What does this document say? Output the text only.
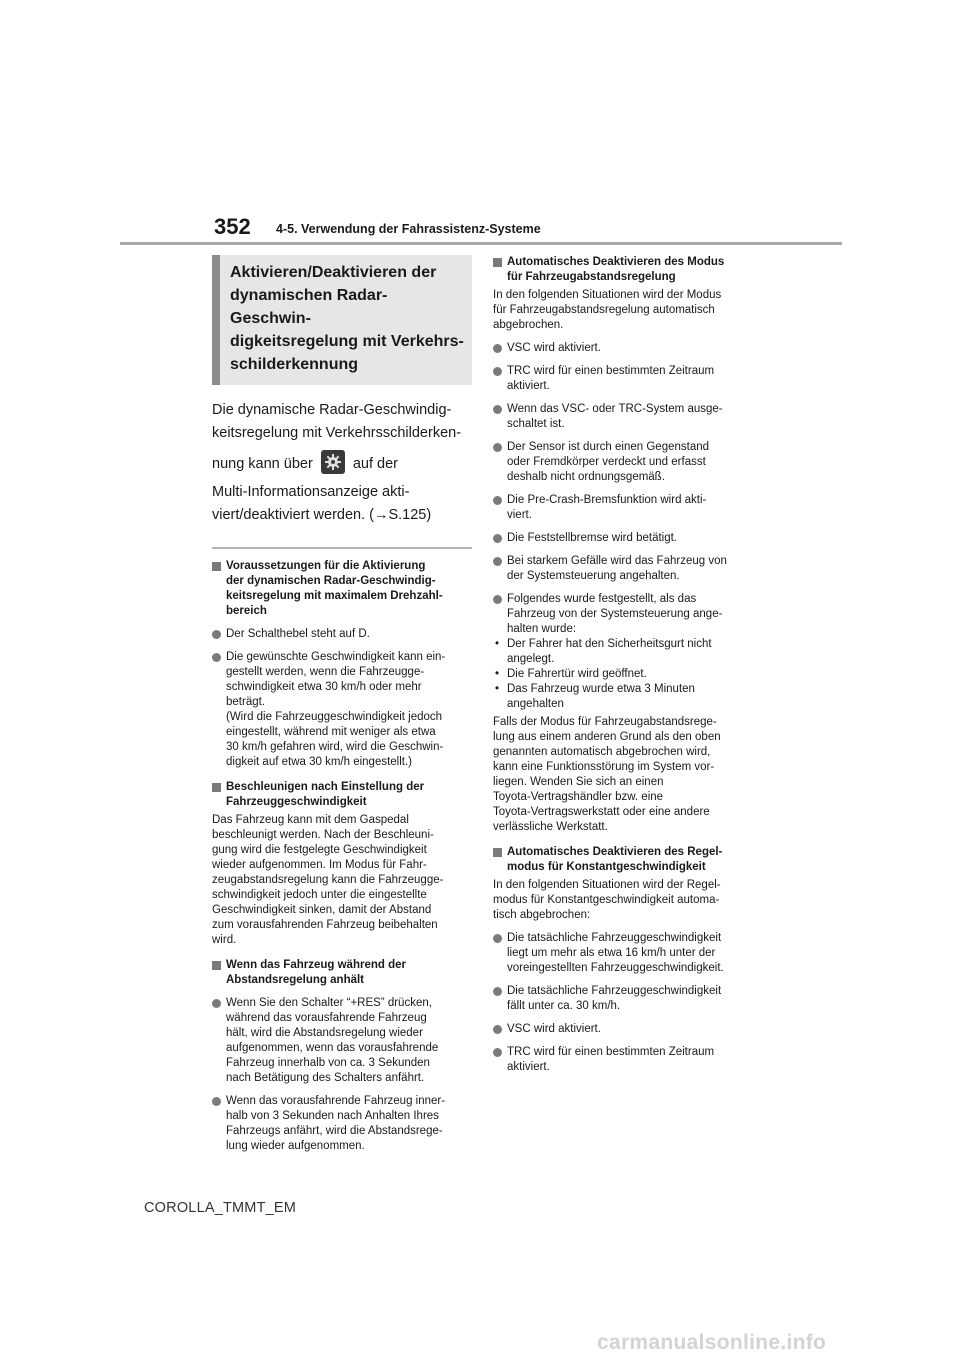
352 4-5. Verwendung der Fahrassistenz-Systeme
Aktivieren/Deaktivieren der
dynamischen Radar-Geschwin-
digkeitsregelung mit Verkehrs-
schilderkennung
Die dynamische Radar-Geschwindig-
keitsregelung mit Verkehrsschilderken-
nung kann über	auf der
Multi-Informationsanzeige akti-
viert/deaktiviert werden. (→S.125)
Voraussetzungen für die Aktivierung
der dynamischen Radar-Geschwindig-
keitsregelung mit maximalem Drehzahl-
bereich
Der Schalthebel steht auf D.
Die gewünschte Geschwindigkeit kann ein-
gestellt werden, wenn die Fahrzeugge-
schwindigkeit etwa 30 km/h oder mehr
beträgt.
(Wird die Fahrzeuggeschwindigkeit jedoch
eingestellt, während mit weniger als etwa
30 km/h gefahren wird, wird die Geschwin-
digkeit auf etwa 30 km/h eingestellt.)
Beschleunigen nach Einstellung der
Fahrzeuggeschwindigkeit
Das Fahrzeug kann mit dem Gaspedal
beschleunigt werden. Nach der Beschleuni-
gung wird die festgelegte Geschwindigkeit
wieder aufgenommen. Im Modus für Fahr-
zeugabstandsregelung kann die Fahrzeugge-
schwindigkeit jedoch unter die eingestellte
Geschwindigkeit sinken, damit der Abstand
zum vorausfahrenden Fahrzeug beibehalten
wird.
Wenn das Fahrzeug während der
Abstandsregelung anhält
Wenn Sie den Schalter “+RES” drücken,
während das vorausfahrende Fahrzeug
hält, wird die Abstandsregelung wieder
aufgenommen, wenn das vorausfahrende
Fahrzeug innerhalb von ca. 3 Sekunden
nach Betätigung des Schalters anfährt.
Wenn das vorausfahrende Fahrzeug inner-
halb von 3 Sekunden nach Anhalten Ihres
Fahrzeugs anfährt, wird die Abstandsrege-
lung wieder aufgenommen.
Automatisches Deaktivieren des Modus
für Fahrzeugabstandsregelung
In den folgenden Situationen wird der Modus
für Fahrzeugabstandsregelung automatisch
abgebrochen.
VSC wird aktiviert.
TRC wird für einen bestimmten Zeitraum
aktiviert.
Wenn das VSC- oder TRC-System ausge-
schaltet ist.
Der Sensor ist durch einen Gegenstand
oder Fremdkörper verdeckt und erfasst
deshalb nicht ordnungsgemäß.
Die Pre-Crash-Bremsfunktion wird akti-
viert.
Die Feststellbremse wird betätigt.
Bei starkem Gefälle wird das Fahrzeug von
der Systemsteuerung angehalten.
Folgendes wurde festgestellt, als das
Fahrzeug von der Systemsteuerung ange-
halten wurde:
• Der Fahrer hat den Sicherheitsgurt nicht
angelegt.
• Die Fahrertür wird geöffnet.
• Das Fahrzeug wurde etwa 3 Minuten
angehalten
Falls der Modus für Fahrzeugabstandsrege-
lung aus einem anderen Grund als den oben
genannten automatisch abgebrochen wird,
kann eine Funktionsstörung im System vor-
liegen. Wenden Sie sich an einen
Toyota-Vertragshändler bzw. eine
Toyota-Vertragswerkstatt oder eine andere
verlässliche Werkstatt.
Automatisches Deaktivieren des Regel-
modus für Konstantgeschwindigkeit
In den folgenden Situationen wird der Regel-
modus für Konstantgeschwindigkeit automa-
tisch abgebrochen:
Die tatsächliche Fahrzeuggeschwindigkeit
liegt um mehr als etwa 16 km/h unter der
voreingestellten Fahrzeuggeschwindigkeit.
Die tatsächliche Fahrzeuggeschwindigkeit
fällt unter ca. 30 km/h.
VSC wird aktiviert.
TRC wird für einen bestimmten Zeitraum
aktiviert.
COROLLA_TMMT_EM
carmanualsonline.info
